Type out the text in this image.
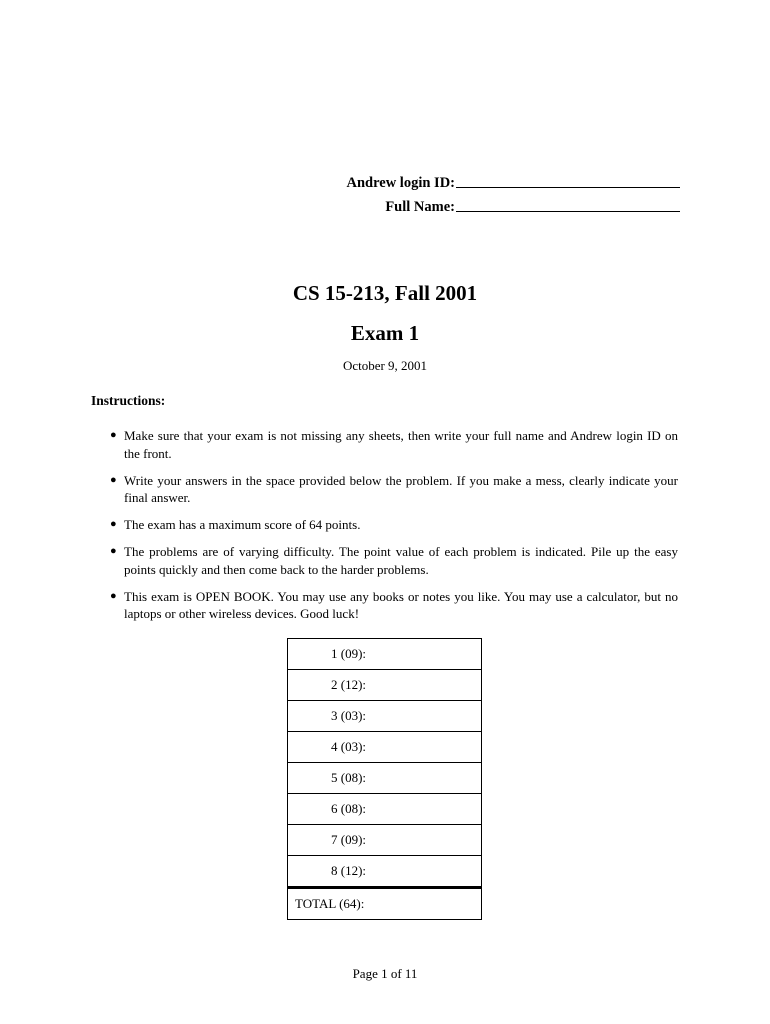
Andrew login ID:
Full Name:
CS 15-213, Fall 2001
Exam 1
October 9, 2001
Instructions:
● Make sure that your exam is not missing any sheets, then write your full name and Andrew login ID on the front.
● Write your answers in the space provided below the problem. If you make a mess, clearly indicate your final answer.
● The exam has a maximum score of 64 points.
● The problems are of varying difficulty. The point value of each problem is indicated. Pile up the easy points quickly and then come back to the harder problems.
● This exam is OPEN BOOK. You may use any books or notes you like. You may use a calculator, but no laptops or other wireless devices. Good luck!
1 (09):
2 (12):
3 (03):
4 (03):
5 (08):
6 (08):
7 (09):
8 (12):
TOTAL (64):
Page 1 of 11
